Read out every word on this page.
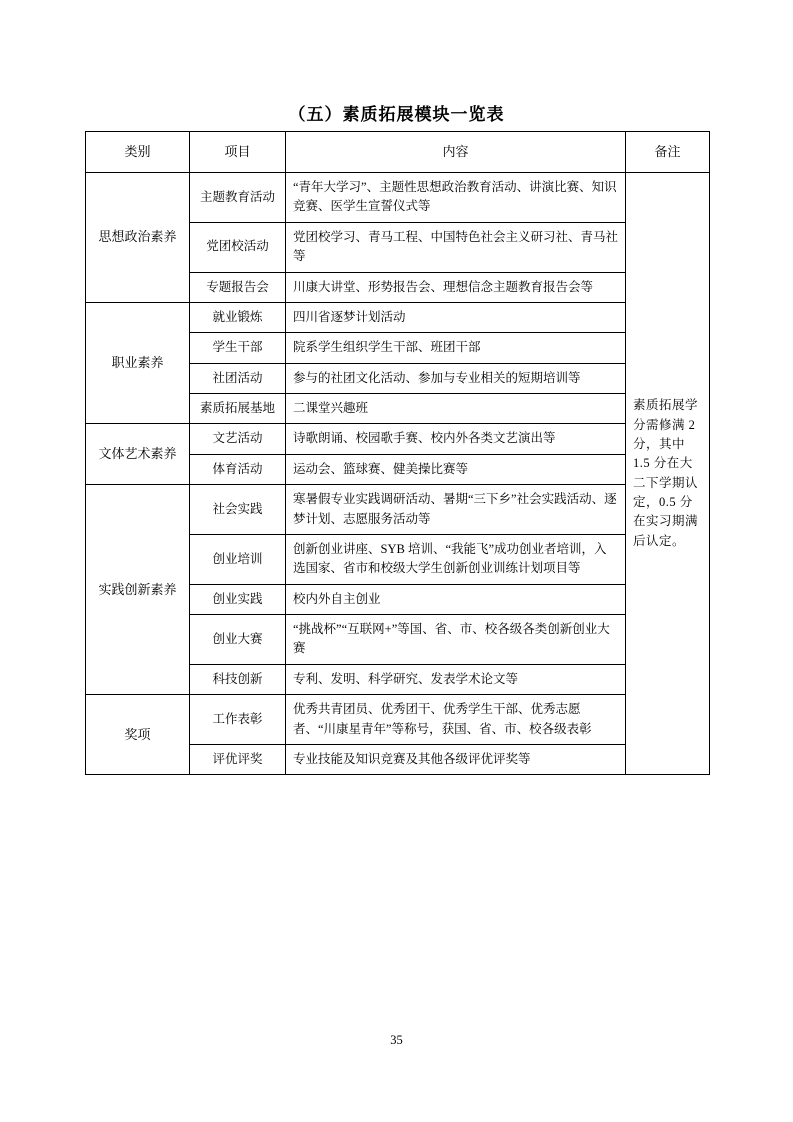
（五）素质拓展模块一览表
类别	项目	内容	备注
思想政治素养	主题教育活动	“青年大学习”、主题性思想政治教育活动、讲演比赛、知识竞赛、医学生宣誓仪式等	素质拓展学分需修满 2 分，其中 1.5 分在大二下学期认定，0.5 分在实习期满后认定。
	党团校活动	党团校学习、青马工程、中国特色社会主义研习社、青马社等	
	专题报告会	川康大讲堂、形势报告会、理想信念主题教育报告会等	
职业素养	就业锻炼	四川省逐梦计划活动	
	学生干部	院系学生组织学生干部、班团干部	
	社团活动	参与的社团文化活动、参加与专业相关的短期培训等	
	素质拓展基地	二课堂兴趣班	
文体艺术素养	文艺活动	诗歌朗诵、校园歌手赛、校内外各类文艺演出等	
	体育活动	运动会、篮球赛、健美操比赛等	
实践创新素养	社会实践	寒暑假专业实践调研活动、暑期“三下乡”社会实践活动、逐梦计划、志愿服务活动等	
	创业培训	创新创业讲座、SYB 培训、“我能飞”成功创业者培训，入选国家、省市和校级大学生创新创业训练计划项目等	
	创业实践	校内外自主创业	
	创业大赛	“挑战杯”“互联网+”等国、省、市、校各级各类创新创业大赛	
	科技创新	专利、发明、科学研究、发表学术论文等	
奖项	工作表彰	优秀共青团员、优秀团干、优秀学生干部、优秀志愿者、“川康星青年”等称号，获国、省、市、校各级表彰	
	评优评奖	专业技能及知识竞赛及其他各级评优评奖等	
35
